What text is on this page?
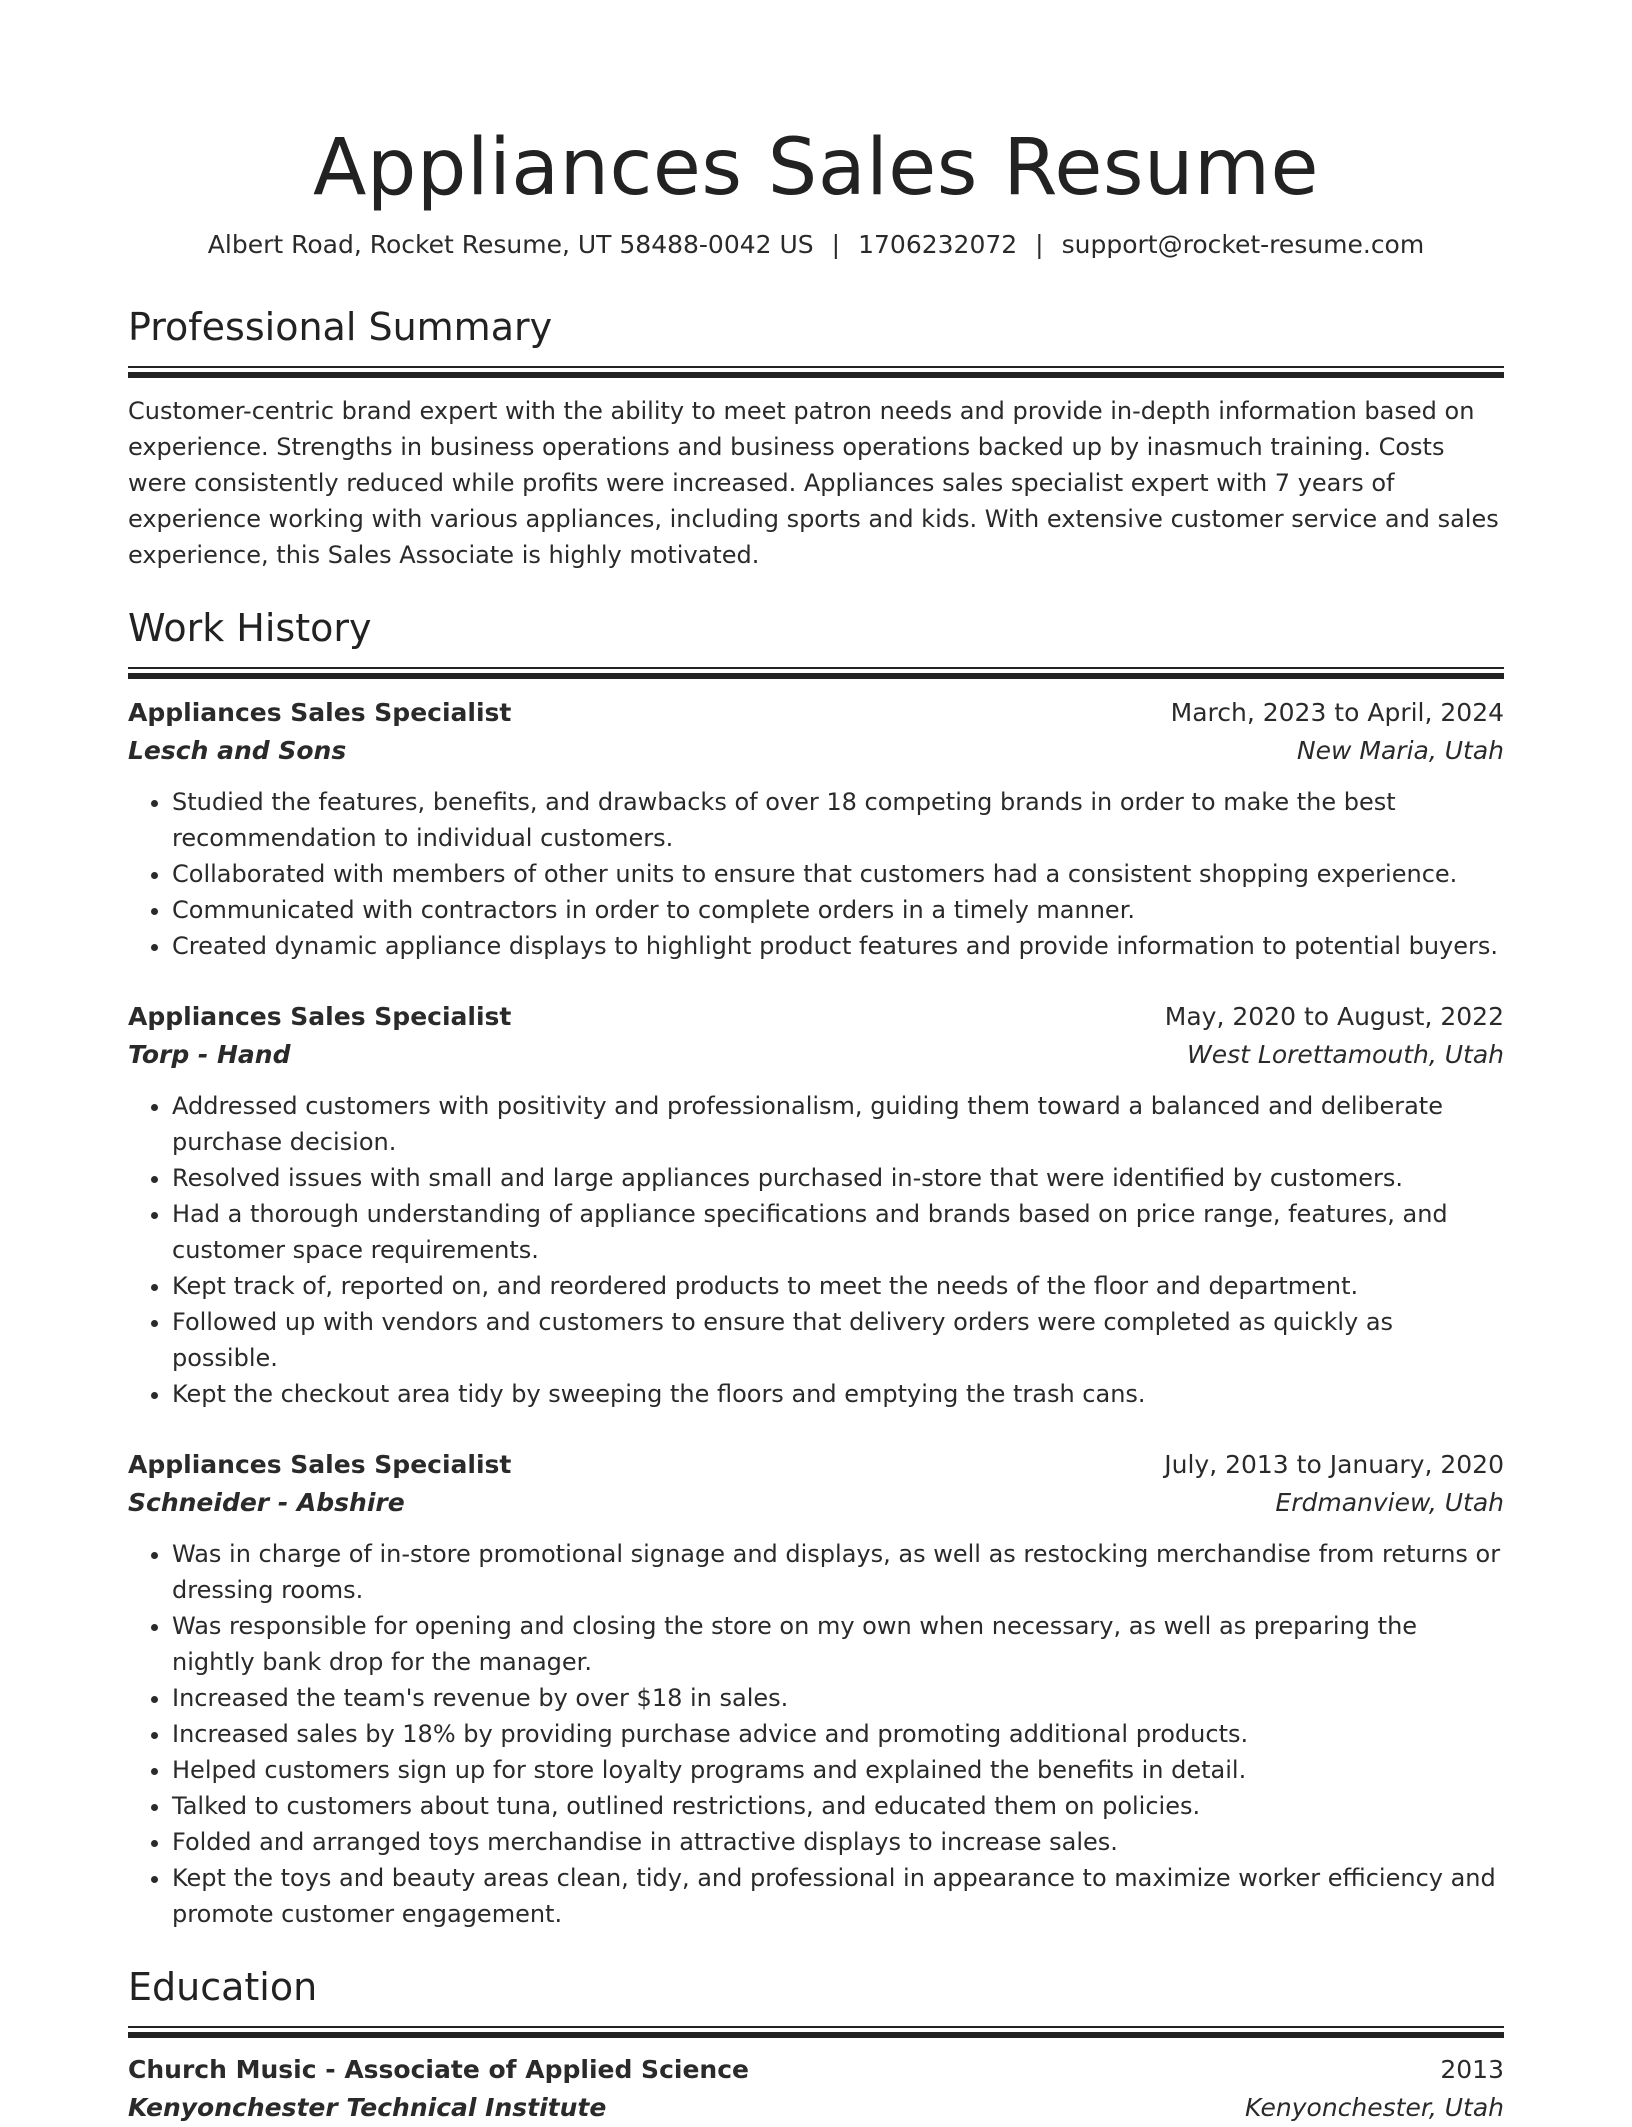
Appliances Sales Resume
Albert Road, Rocket Resume, UT 58488-0042 US | 1706232072 | support@rocket-resume.com
Professional Summary
Customer-centric brand expert with the ability to meet patron needs and provide in-depth information based on experience. Strengths in business operations and business operations backed up by inasmuch training. Costs were consistently reduced while profits were increased. Appliances sales specialist expert with 7 years of experience working with various appliances, including sports and kids. With extensive customer service and sales experience, this Sales Associate is highly motivated.
Work History
Appliances Sales Specialist	March, 2023 to April, 2024
Lesch and Sons	New Maria, Utah
• Studied the features, benefits, and drawbacks of over 18 competing brands in order to make the best recommendation to individual customers.
• Collaborated with members of other units to ensure that customers had a consistent shopping experience.
• Communicated with contractors in order to complete orders in a timely manner.
• Created dynamic appliance displays to highlight product features and provide information to potential buyers.
Appliances Sales Specialist	May, 2020 to August, 2022
Torp - Hand	West Lorettamouth, Utah
• Addressed customers with positivity and professionalism, guiding them toward a balanced and deliberate purchase decision.
• Resolved issues with small and large appliances purchased in-store that were identified by customers.
• Had a thorough understanding of appliance specifications and brands based on price range, features, and customer space requirements.
• Kept track of, reported on, and reordered products to meet the needs of the floor and department.
• Followed up with vendors and customers to ensure that delivery orders were completed as quickly as possible.
• Kept the checkout area tidy by sweeping the floors and emptying the trash cans.
Appliances Sales Specialist	July, 2013 to January, 2020
Schneider - Abshire	Erdmanview, Utah
• Was in charge of in-store promotional signage and displays, as well as restocking merchandise from returns or dressing rooms.
• Was responsible for opening and closing the store on my own when necessary, as well as preparing the nightly bank drop for the manager.
• Increased the team's revenue by over $18 in sales.
• Increased sales by 18% by providing purchase advice and promoting additional products.
• Helped customers sign up for store loyalty programs and explained the benefits in detail.
• Talked to customers about tuna, outlined restrictions, and educated them on policies.
• Folded and arranged toys merchandise in attractive displays to increase sales.
• Kept the toys and beauty areas clean, tidy, and professional in appearance to maximize worker efficiency and promote customer engagement.
Education
Church Music - Associate of Applied Science	2013
Kenyonchester Technical Institute	Kenyonchester, Utah
